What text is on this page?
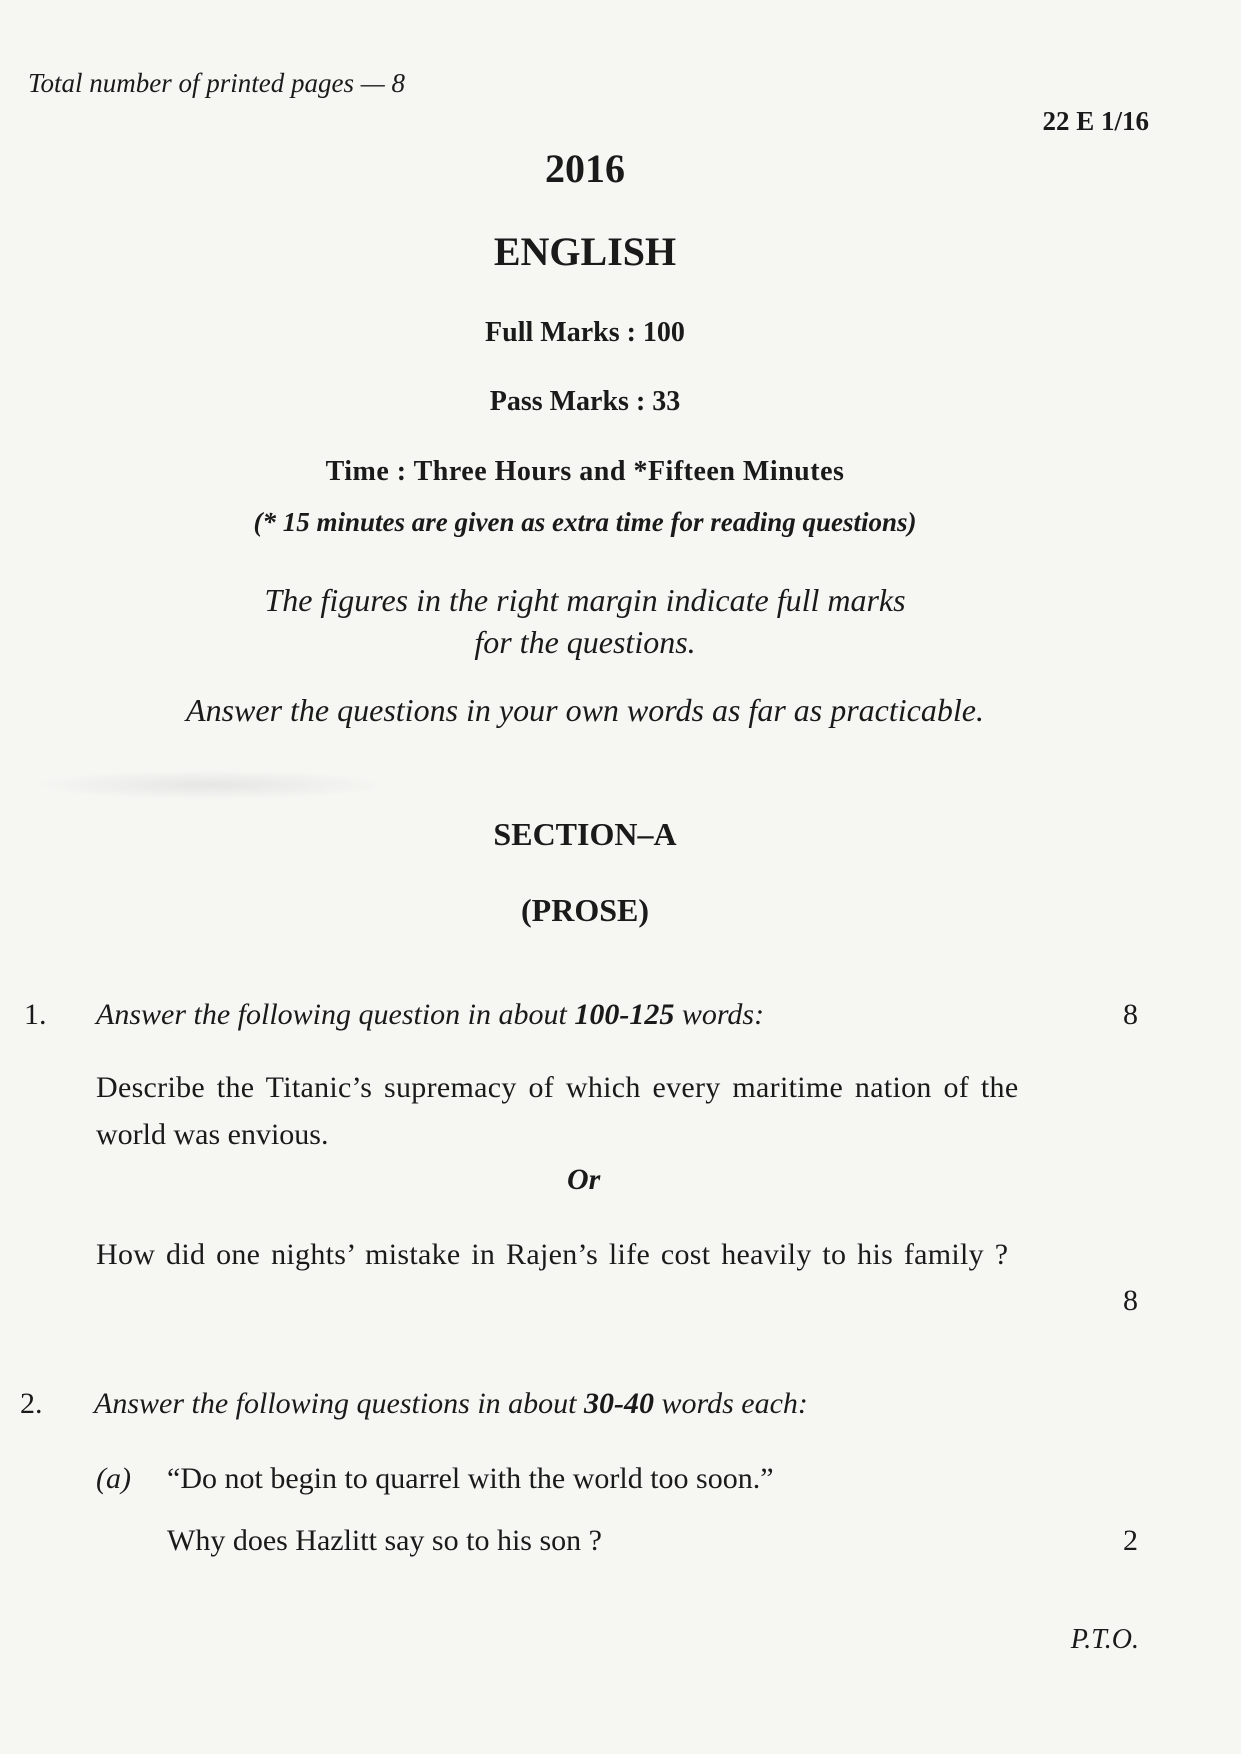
Total number of printed pages — 8
22 E 1/16
2016
ENGLISH
Full Marks : 100
Pass Marks : 33
Time : Three Hours and *Fifteen Minutes
(* 15 minutes are given as extra time for reading questions)
The figures in the right margin indicate full marks
for the questions.
Answer the questions in your own words as far as practicable.
SECTION–A
(PROSE)
1. Answer the following question in about 100-125 words:	8
Describe the Titanic’s supremacy of which every maritime nation of the
world was envious.
Or
How did one nights’ mistake in Rajen’s life cost heavily to his family ?
8
2. Answer the following questions in about 30-40 words each:
(a) “Do not begin to quarrel with the world too soon.”
Why does Hazlitt say so to his son ?	2
P.T.O.
